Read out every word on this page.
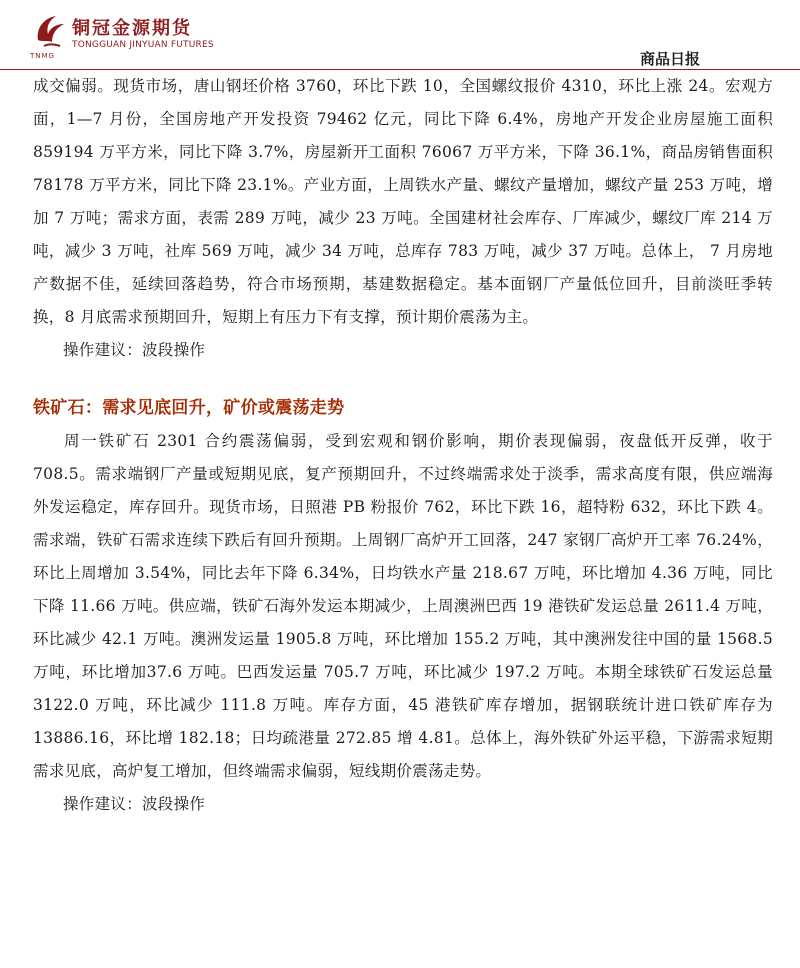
铜冠金源期货
TONGGUAN JINYUAN FUTURES
TNMG	商品日报

成交偏弱。现货市场，唐山钢坯价格 3760，环比下跌 10，全国螺纹报价 4310，环比上涨 24。宏观方面，1—7 月份，全国房地产开发投资 79462 亿元，同比下降 6.4%，房地产开发企业房屋施工面积 859194 万平方米，同比下降 3.7%，房屋新开工面积 76067 万平方米，下降 36.1%，商品房销售面积 78178 万平方米，同比下降 23.1%。产业方面，上周铁水产量、螺纹产量增加，螺纹产量 253 万吨，增加 7 万吨；需求方面，表需 289 万吨，减少 23 万吨。全国建材社会库存、厂库减少，螺纹厂库 214 万吨，减少 3 万吨，社库 569 万吨，减少 34 万吨，总库存 783 万吨，减少 37 万吨。总体上， 7 月房地产数据不佳，延续回落趋势，符合市场预期，基建数据稳定。基本面钢厂产量低位回升，目前淡旺季转换，8 月底需求预期回升，短期上有压力下有支撑，预计期价震荡为主。

操作建议：波段操作

铁矿石：需求见底回升，矿价或震荡走势

周一铁矿石 2301 合约震荡偏弱，受到宏观和钢价影响，期价表现偏弱，夜盘低开反弹，收于 708.5。需求端钢厂产量或短期见底，复产预期回升，不过终端需求处于淡季，需求高度有限，供应端海外发运稳定，库存回升。现货市场，日照港 PB 粉报价 762，环比下跌 16，超特粉 632，环比下跌 4。需求端，铁矿石需求连续下跌后有回升预期。上周钢厂高炉开工回落，247 家钢厂高炉开工率 76.24%，环比上周增加 3.54%，同比去年下降 6.34%，日均铁水产量 218.67 万吨，环比增加 4.36 万吨，同比下降 11.66 万吨。供应端，铁矿石海外发运本期减少，上周澳洲巴西 19 港铁矿发运总量 2611.4 万吨，环比减少 42.1 万吨。澳洲发运量 1905.8 万吨，环比增加 155.2 万吨，其中澳洲发往中国的量 1568.5 万吨，环比增加37.6 万吨。巴西发运量 705.7 万吨，环比减少 197.2 万吨。本期全球铁矿石发运总量 3122.0 万吨，环比减少 111.8 万吨。库存方面，45 港铁矿库存增加，据钢联统计进口铁矿库存为 13886.16，环比增 182.18；日均疏港量 272.85 增 4.81。总体上，海外铁矿外运平稳，下游需求短期需求见底，高炉复工增加，但终端需求偏弱，短线期价震荡走势。

操作建议：波段操作
